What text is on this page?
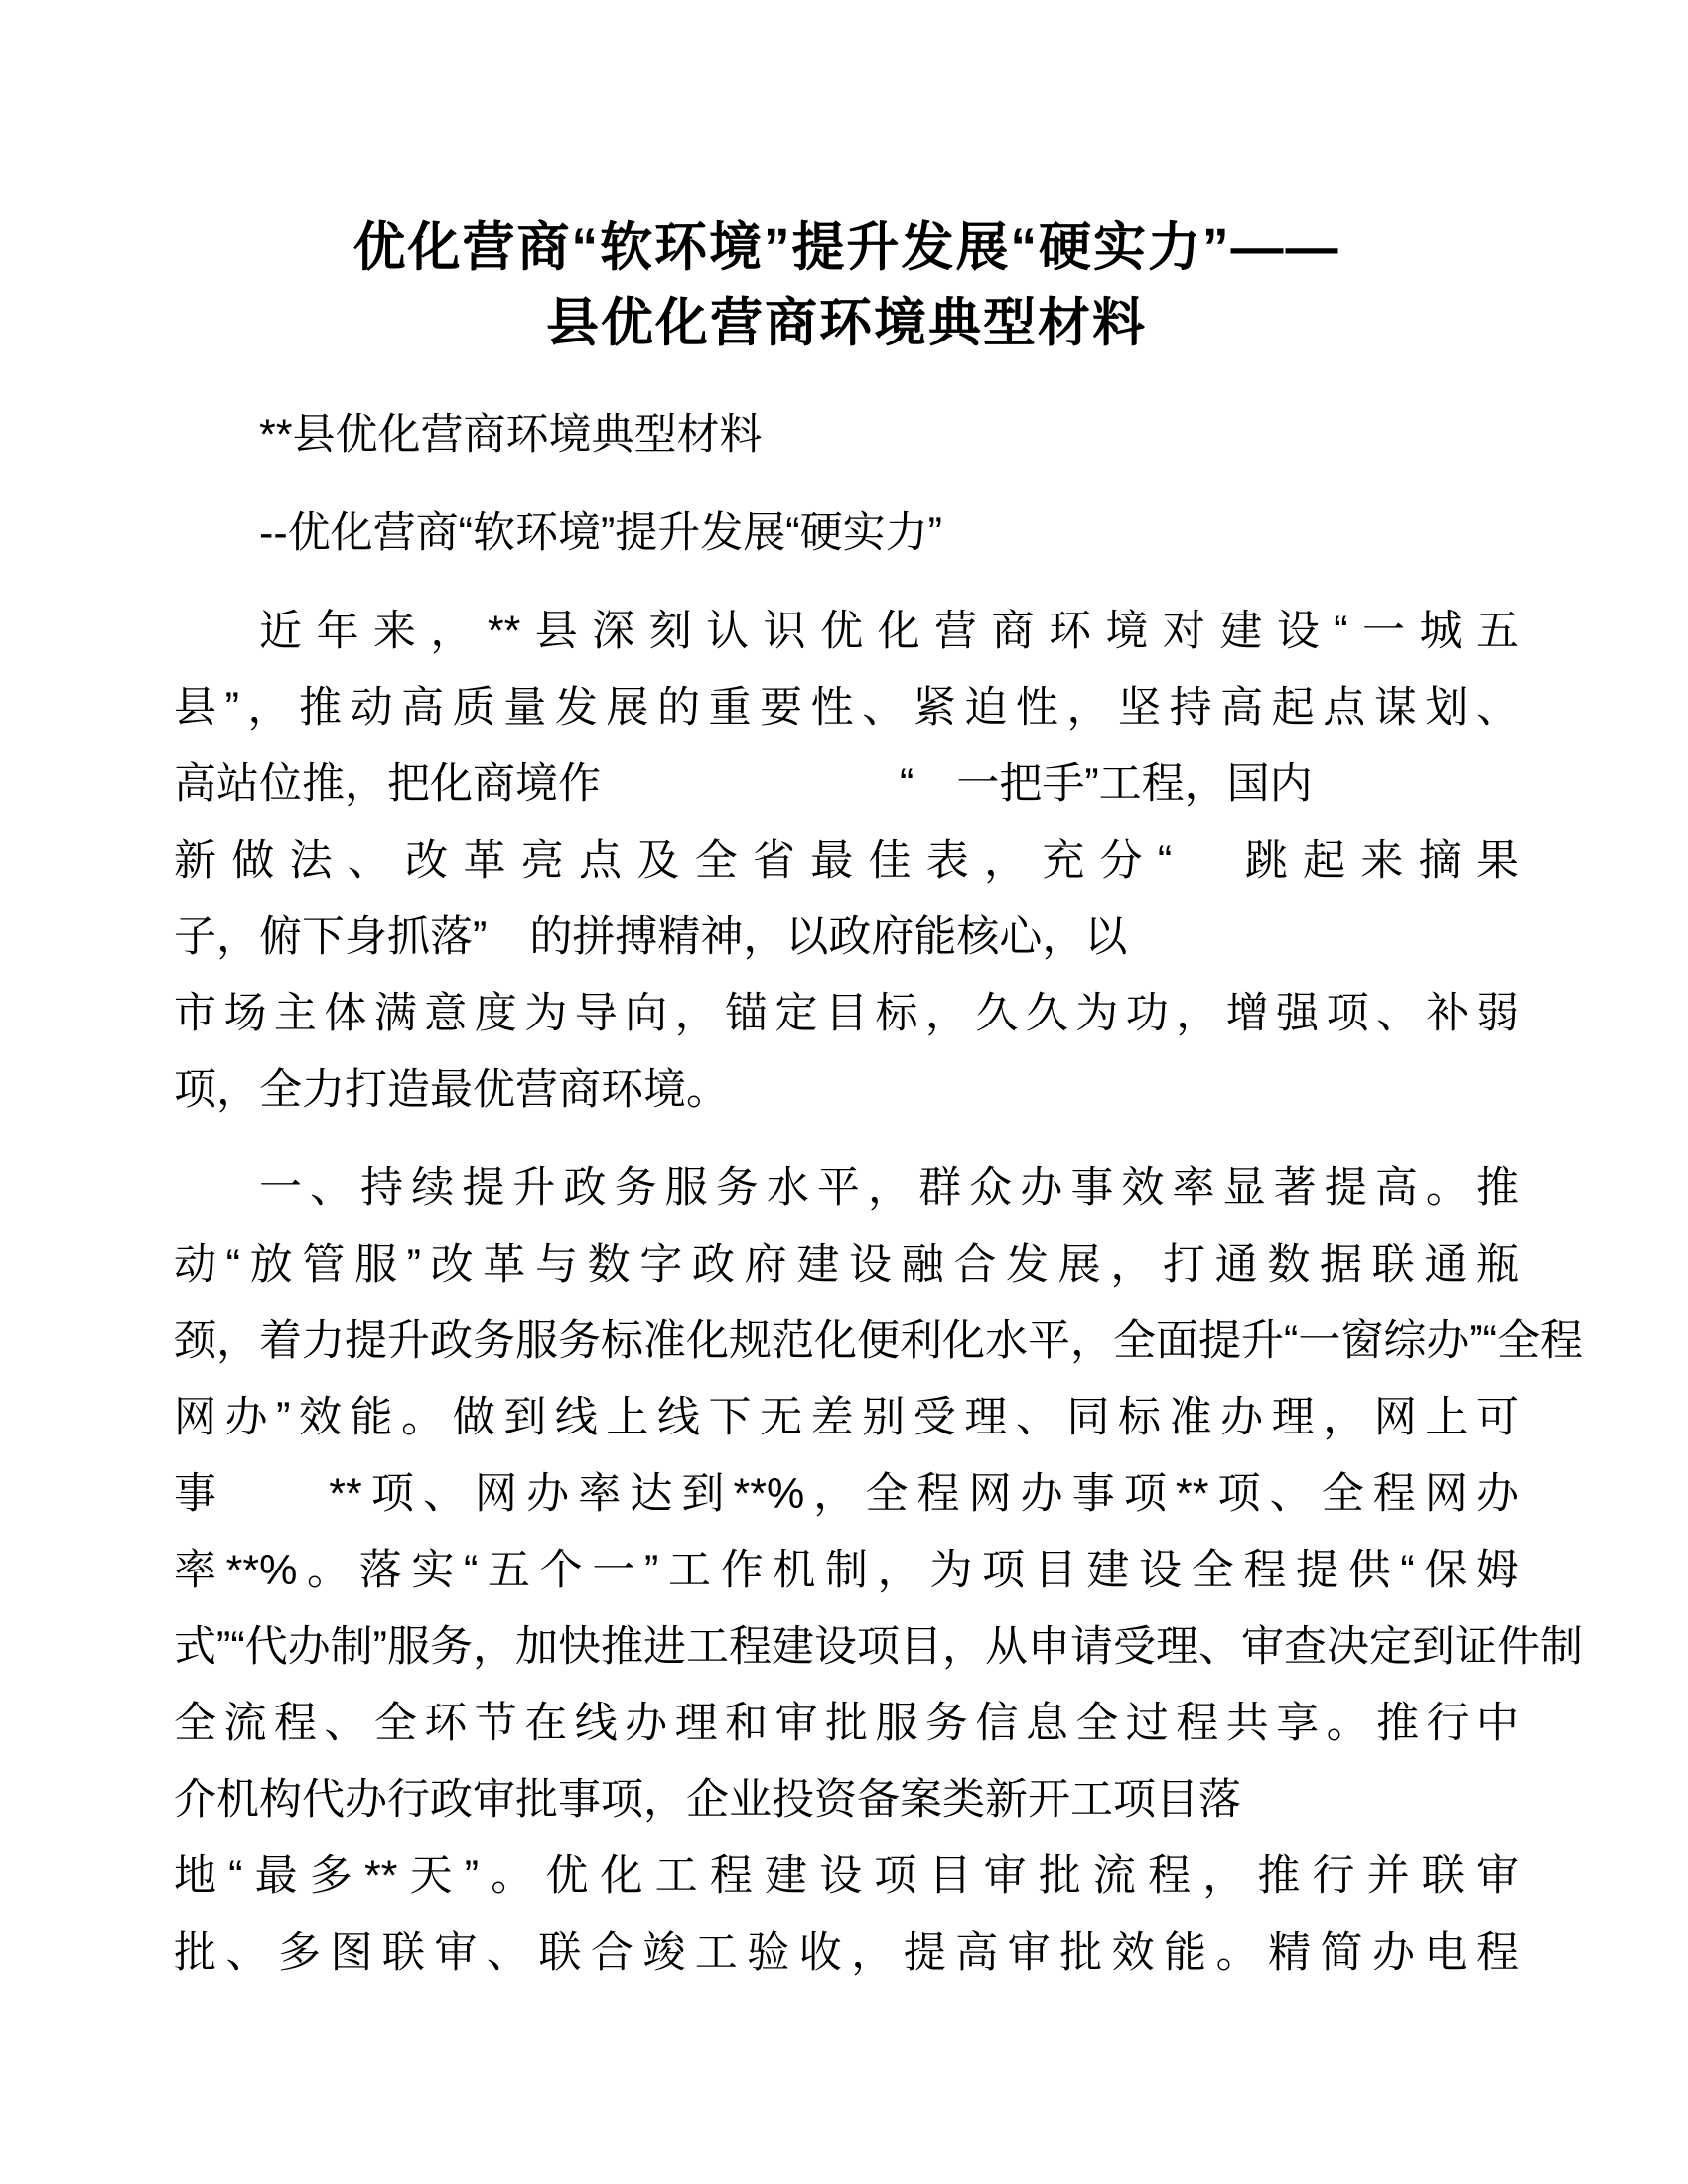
优化营商“软环境”提升发展“硬实力”——
县优化营商环境典型材料
**县优化营商环境典型材料
--优化营商“软环境”提升发展“硬实力”
近年来，**县深刻认识优化营商环境对建设“一城五
县”，推动高质量发展的重要性、紧迫性，坚持高起点谋划、
高站位推，把化商境作　　　　　　　“　一把手”工程，国内
新做法、改革亮点及全省最佳表，充分“　跳起来摘果
子，俯下身抓落”　的拼搏精神，以政府能核心，以
市场主体满意度为导向，锚定目标，久久为功，增强项、补弱
项，全力打造最优营商环境。
一、持续提升政务服务水平，群众办事效率显著提高。推
动“放管服”改革与数字政府建设融合发展，打通数据联通瓶
颈，着力提升政务服务标准化规范化便利化水平，全面提升“一窗综办”“全程
网办”效能。做到线上线下无差别受理、同标准办理，网上可
事　　**项、网办率达到**%，全程网办事项**项、全程网办
率**%。落实“五个一”工作机制，为项目建设全程提供“保姆
式”“代办制”服务，加快推进工程建设项目，从申请受理、审查决定到证件制
全流程、全环节在线办理和审批服务信息全过程共享。推行中
介机构代办行政审批事项，企业投资备案类新开工项目落
地“最多**天”。优化工程建设项目审批流程，推行并联审
批、多图联审、联合竣工验收，提高审批效能。精简办电程
